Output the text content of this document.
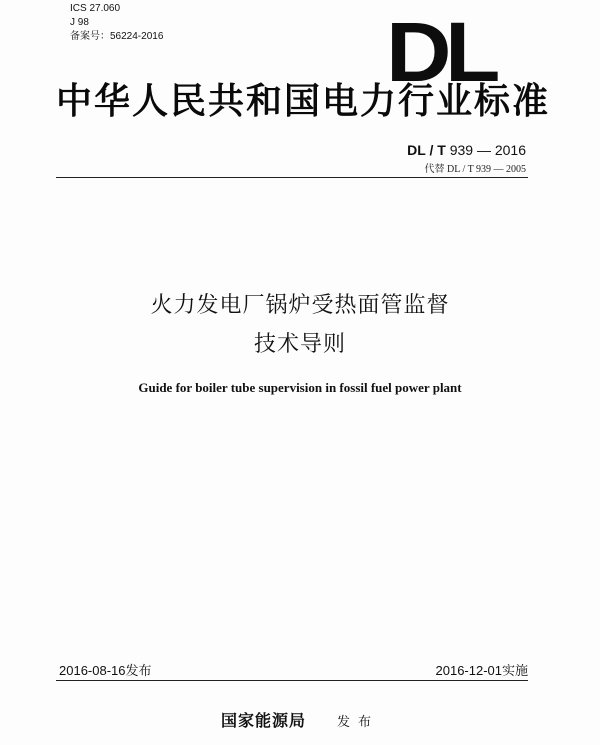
ICS 27.060
J 98
备案号：56224-2016	DL
中华人民共和国电力行业标准
DL / T 939 — 2016
代替 DL / T 939 — 2005
火力发电厂锅炉受热面管监督
技术导则
Guide for boiler tube supervision in fossil fuel power plant
2016-08-16发布	2016-12-01实施
国家能源局 发布
